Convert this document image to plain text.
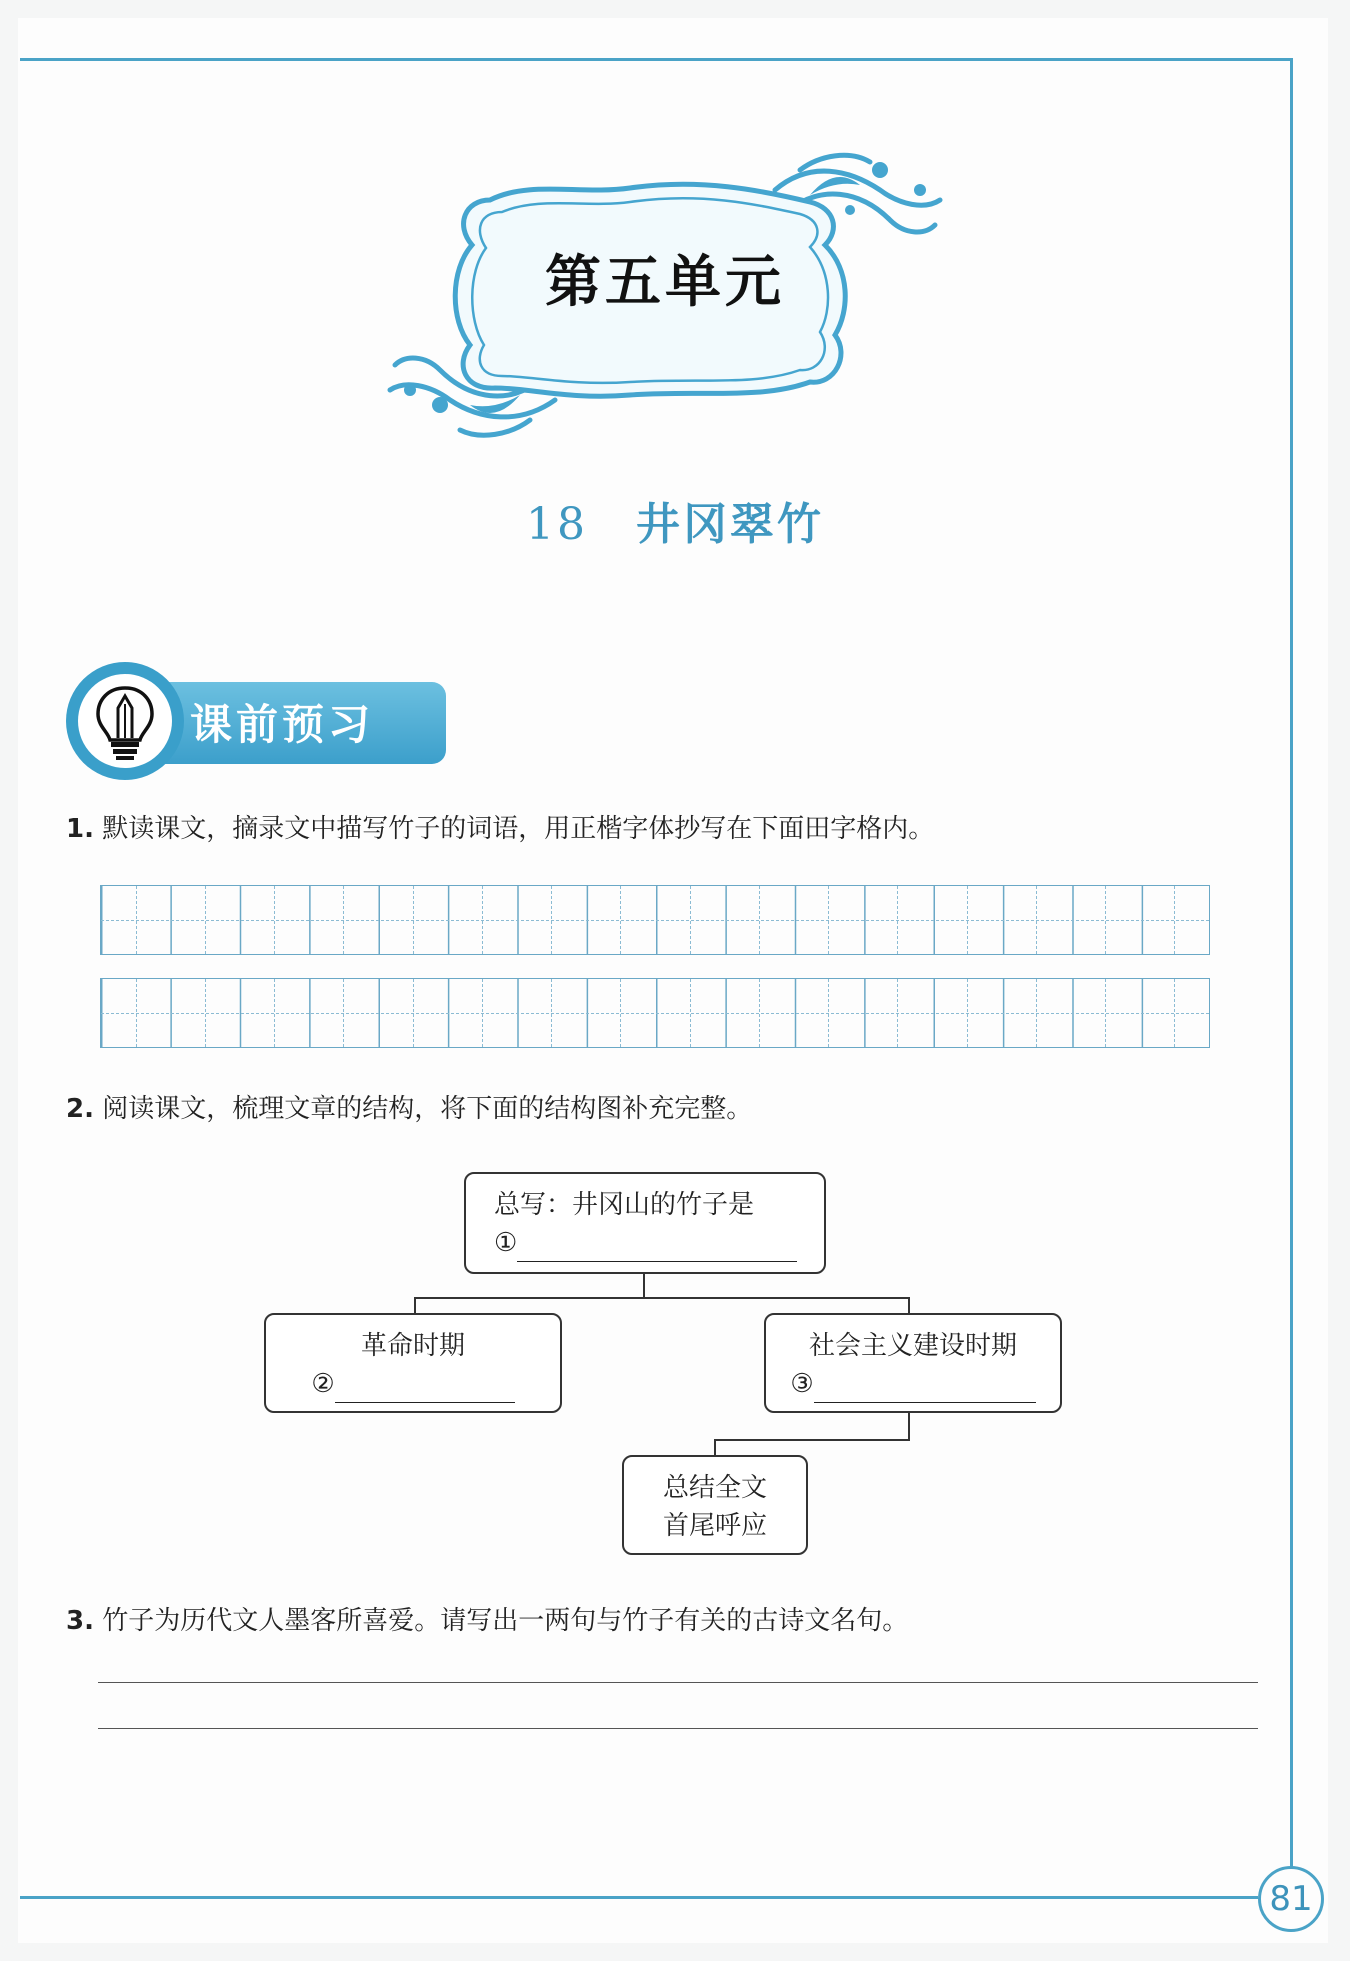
81
第五单元
18 井冈翠竹
课前预习
1. 默读课文，摘录文中描写竹子的词语，用正楷字体抄写在下面田字格内。
2. 阅读课文，梳理文章的结构，将下面的结构图补充完整。
总写：井冈山的竹子是
①
革命时期
②
社会主义建设时期
③
总结全文
首尾呼应
3. 竹子为历代文人墨客所喜爱。请写出一两句与竹子有关的古诗文名句。
